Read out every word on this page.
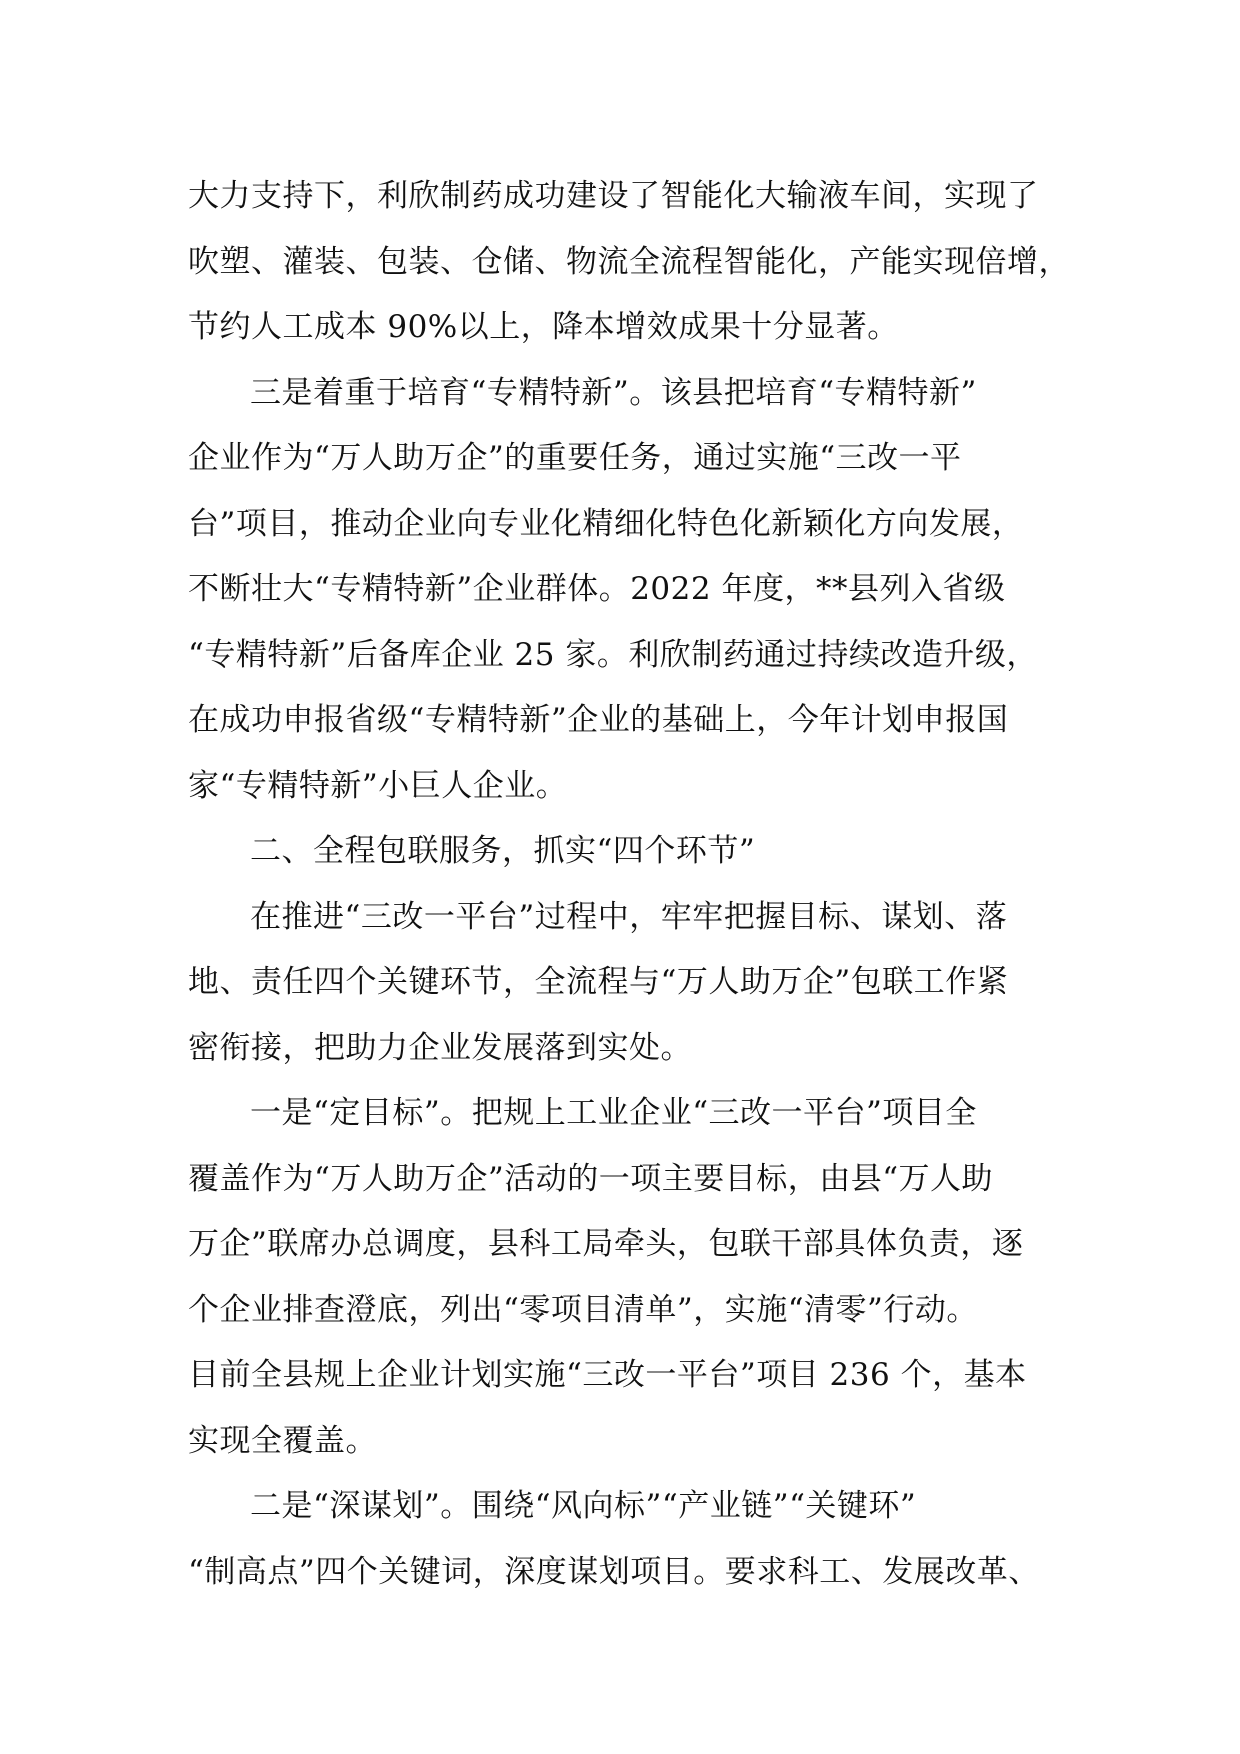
大力支持下，利欣制药成功建设了智能化大输液车间，实现了
吹塑、灌装、包装、仓储、物流全流程智能化，产能实现倍增，
节约人工成本 90%以上，降本增效成果十分显著。
三是着重于培育“专精特新”。该县把培育“专精特新”
企业作为“万人助万企”的重要任务，通过实施“三改一平
台”项目，推动企业向专业化精细化特色化新颖化方向发展，
不断壮大“专精特新”企业群体。2022 年度，**县列入省级
“专精特新”后备库企业 25 家。利欣制药通过持续改造升级，
在成功申报省级“专精特新”企业的基础上，今年计划申报国
家“专精特新”小巨人企业。
二、全程包联服务，抓实“四个环节”
在推进“三改一平台”过程中，牢牢把握目标、谋划、落
地、责任四个关键环节，全流程与“万人助万企”包联工作紧
密衔接，把助力企业发展落到实处。
一是“定目标”。把规上工业企业“三改一平台”项目全
覆盖作为“万人助万企”活动的一项主要目标，由县“万人助
万企”联席办总调度，县科工局牵头，包联干部具体负责，逐
个企业排查澄底，列出“零项目清单”，实施“清零”行动。
目前全县规上企业计划实施“三改一平台”项目 236 个，基本
实现全覆盖。
二是“深谋划”。围绕“风向标”“产业链”“关键环”
“制高点”四个关键词，深度谋划项目。要求科工、发展改革、
